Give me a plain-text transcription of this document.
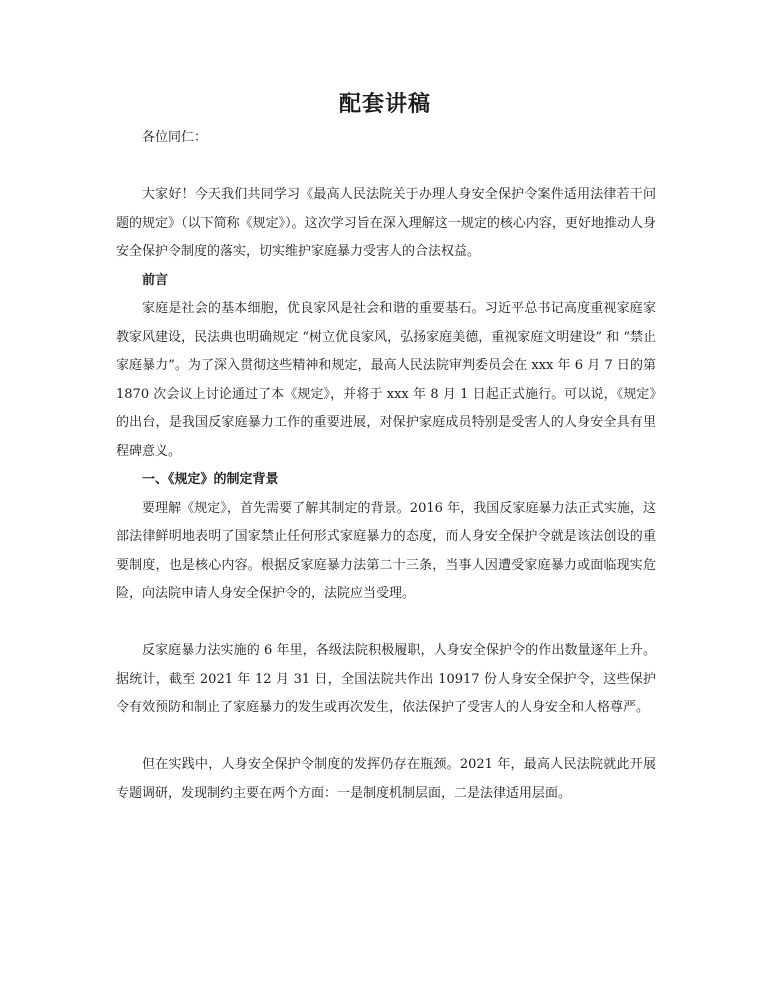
配套讲稿

各位同仁：

大家好！今天我们共同学习《最高人民法院关于办理人身安全保护令案件适用法律若干问题的规定》（以下简称《规定》）。这次学习旨在深入理解这一规定的核心内容，更好地推动人身安全保护令制度的落实，切实维护家庭暴力受害人的合法权益。

前言

家庭是社会的基本细胞，优良家风是社会和谐的重要基石。习近平总书记高度重视家庭家教家风建设，民法典也明确规定 “树立优良家风，弘扬家庭美德，重视家庭文明建设” 和 “禁止家庭暴力”。为了深入贯彻这些精神和规定，最高人民法院审判委员会在 xxx 年 6 月 7 日的第 1870 次会议上讨论通过了本《规定》，并将于 xxx 年 8 月 1 日起正式施行。可以说，《规定》的出台，是我国反家庭暴力工作的重要进展，对保护家庭成员特别是受害人的人身安全具有里程碑意义。

一、《规定》的制定背景

要理解《规定》，首先需要了解其制定的背景。2016 年，我国反家庭暴力法正式实施，这部法律鲜明地表明了国家禁止任何形式家庭暴力的态度，而人身安全保护令就是该法创设的重要制度，也是核心内容。根据反家庭暴力法第二十三条，当事人因遭受家庭暴力或面临现实危险，向法院申请人身安全保护令的，法院应当受理。

反家庭暴力法实施的 6 年里，各级法院积极履职，人身安全保护令的作出数量逐年上升。据统计，截至 2021 年 12 月 31 日，全国法院共作出 10917 份人身安全保护令，这些保护令有效预防和制止了家庭暴力的发生或再次发生，依法保护了受害人的人身安全和人格尊严。

但在实践中，人身安全保护令制度的发挥仍存在瓶颈。2021 年，最高人民法院就此开展专题调研，发现制约主要在两个方面：一是制度机制层面，二是法律适用层面。
